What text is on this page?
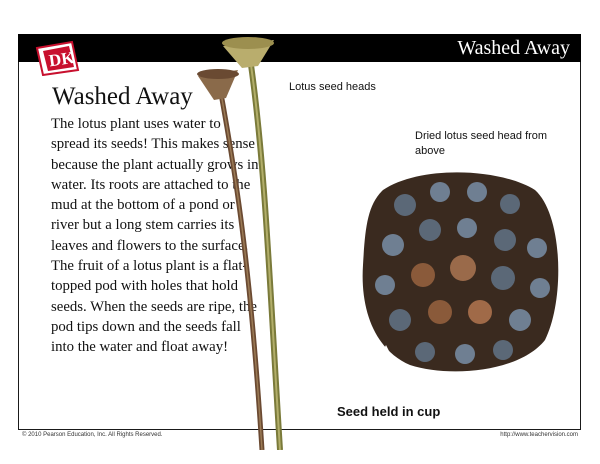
Washed Away
DK
Washed Away
The lotus plant uses water to spread its seeds! This makes sense because the plant actually grows in water. Its roots are attached to the mud at the bottom of a pond or river but a long stem carries its leaves and flowers to the surface. The fruit of a lotus plant is a flat-topped pod with holes that hold seeds. When the seeds are ripe, the pod tips down and the seeds fall into the water and float away!
Lotus seed heads
Dried lotus seed head from above
Seed held in cup
© 2010 Pearson Education, Inc. All Rights Reserved.	http://www.teachervision.com
